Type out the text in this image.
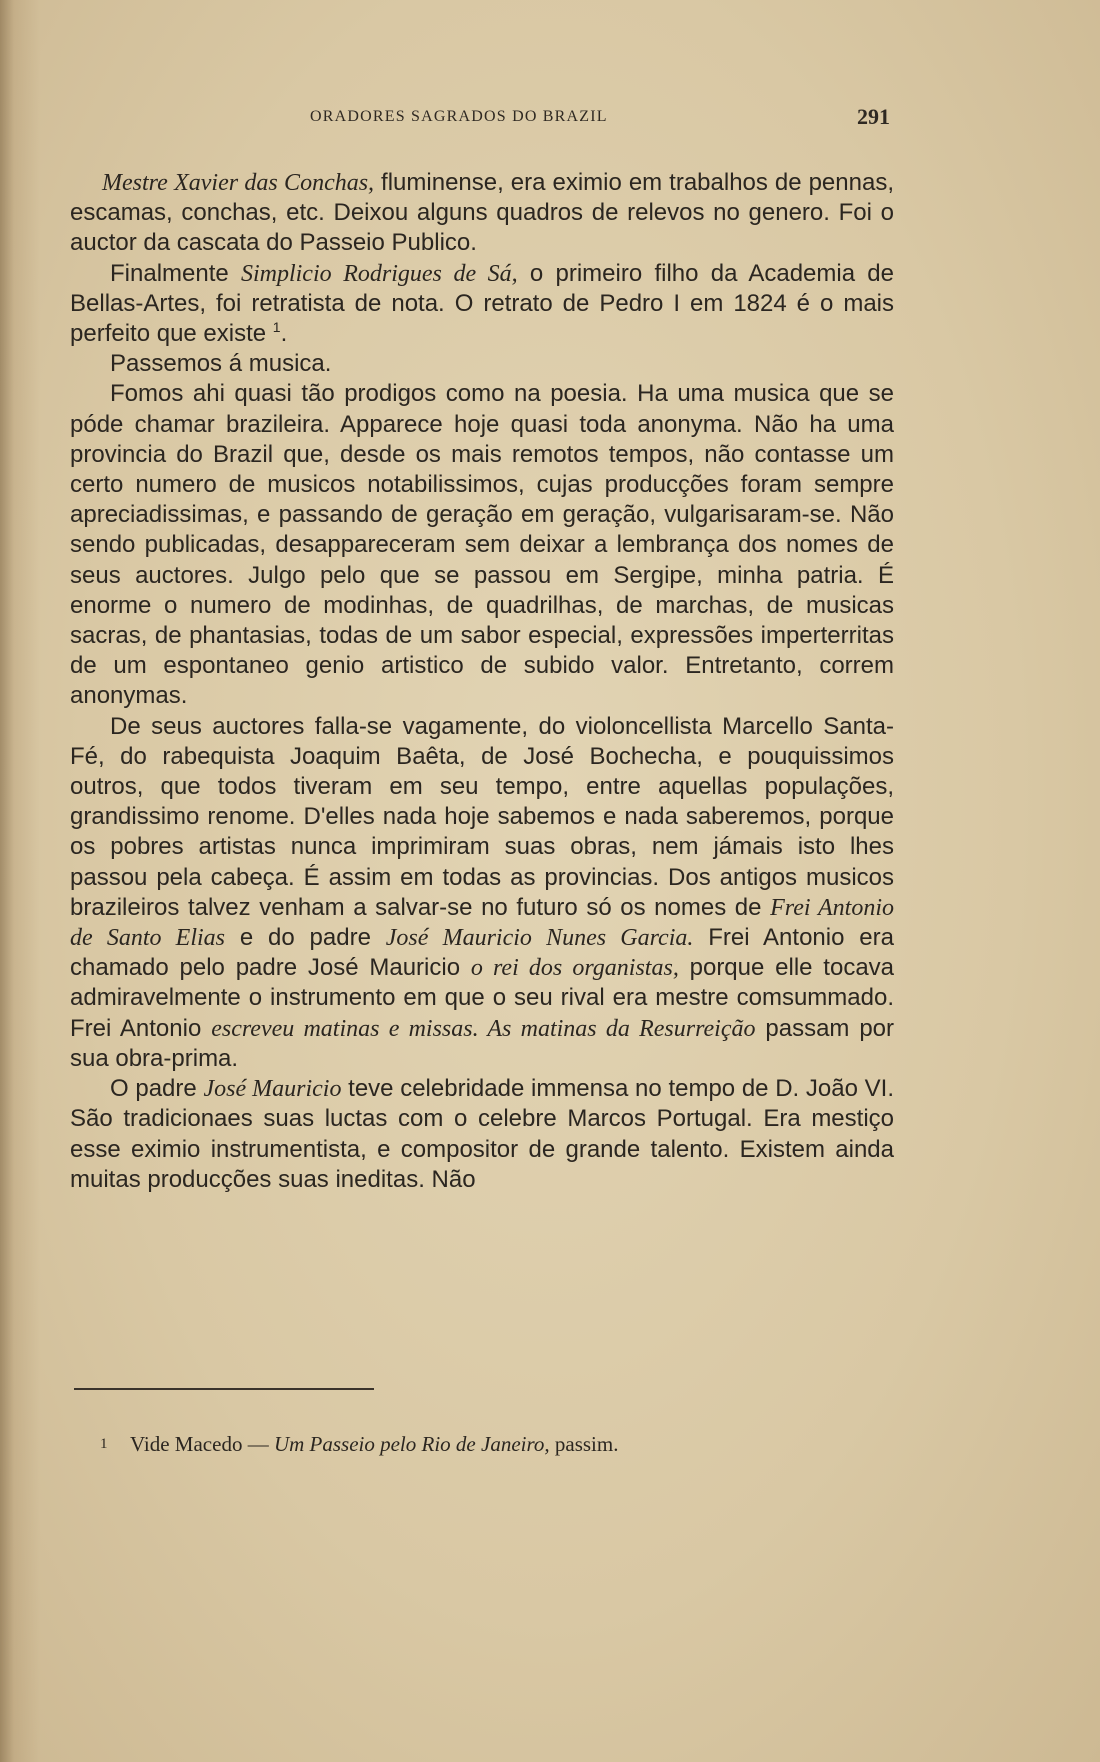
ORADORES SAGRADOS DO BRAZIL	291

Mestre Xavier das Conchas, fluminense, era eximio em trabalhos de pennas, escamas, conchas, etc. Deixou alguns quadros de relevos no genero. Foi o auctor da cascata do Passeio Publico.

Finalmente Simplicio Rodrigues de Sá, o primeiro filho da Academia de Bellas-Artes, foi retratista de nota. O retrato de Pedro I em 1824 é o mais perfeito que existe $^1$.

Passemos á musica.

Fomos ahi quasi tão prodigos como na poesia. Ha uma musica que se póde chamar brazileira. Apparece hoje quasi toda anonyma. Não ha uma provincia do Brazil que, desde os mais remotos tempos, não contasse um certo numero de musicos notabilissimos, cujas producções foram sempre apreciadissimas, e passando de geração em geração, vulgarisaram-se. Não sendo publicadas, desappareceram sem deixar a lembrança dos nomes de seus auctores. Julgo pelo que se passou em Sergipe, minha patria. É enorme o numero de modinhas, de quadrilhas, de marchas, de musicas sacras, de phantasias, todas de um sabor especial, expressões imperterritas de um espontaneo genio artistico de subido valor. Entretanto, correm anonymas.

De seus auctores falla-se vagamente, do violoncellista Marcello Santa-Fé, do rabequista Joaquim Baêta, de José Bochecha, e pouquissimos outros, que todos tiveram em seu tempo, entre aquellas populações, grandissimo renome. D'elles nada hoje sabemos e nada saberemos, porque os pobres artistas nunca imprimiram suas obras, nem jámais isto lhes passou pela cabeça. É assim em todas as provincias. Dos antigos musicos brazileiros talvez venham a salvar-se no futuro só os nomes de Frei Antonio de Santo Elias e do padre José Mauricio Nunes Garcia. Frei Antonio era chamado pelo padre José Mauricio o rei dos organistas, porque elle tocava admiravelmente o instrumento em que o seu rival era mestre comsummado. Frei Antonio escreveu matinas e missas. As matinas da Resurreição passam por sua obra-prima.

O padre José Mauricio teve celebridade immensa no tempo de D. João VI. São tradicionaes suas luctas com o celebre Marcos Portugal. Era mestiço esse eximio instrumentista, e compositor de grande talento. Existem ainda muitas producções suas ineditas. Não

1 Vide Macedo — Um Passeio pelo Rio de Janeiro, passim.
